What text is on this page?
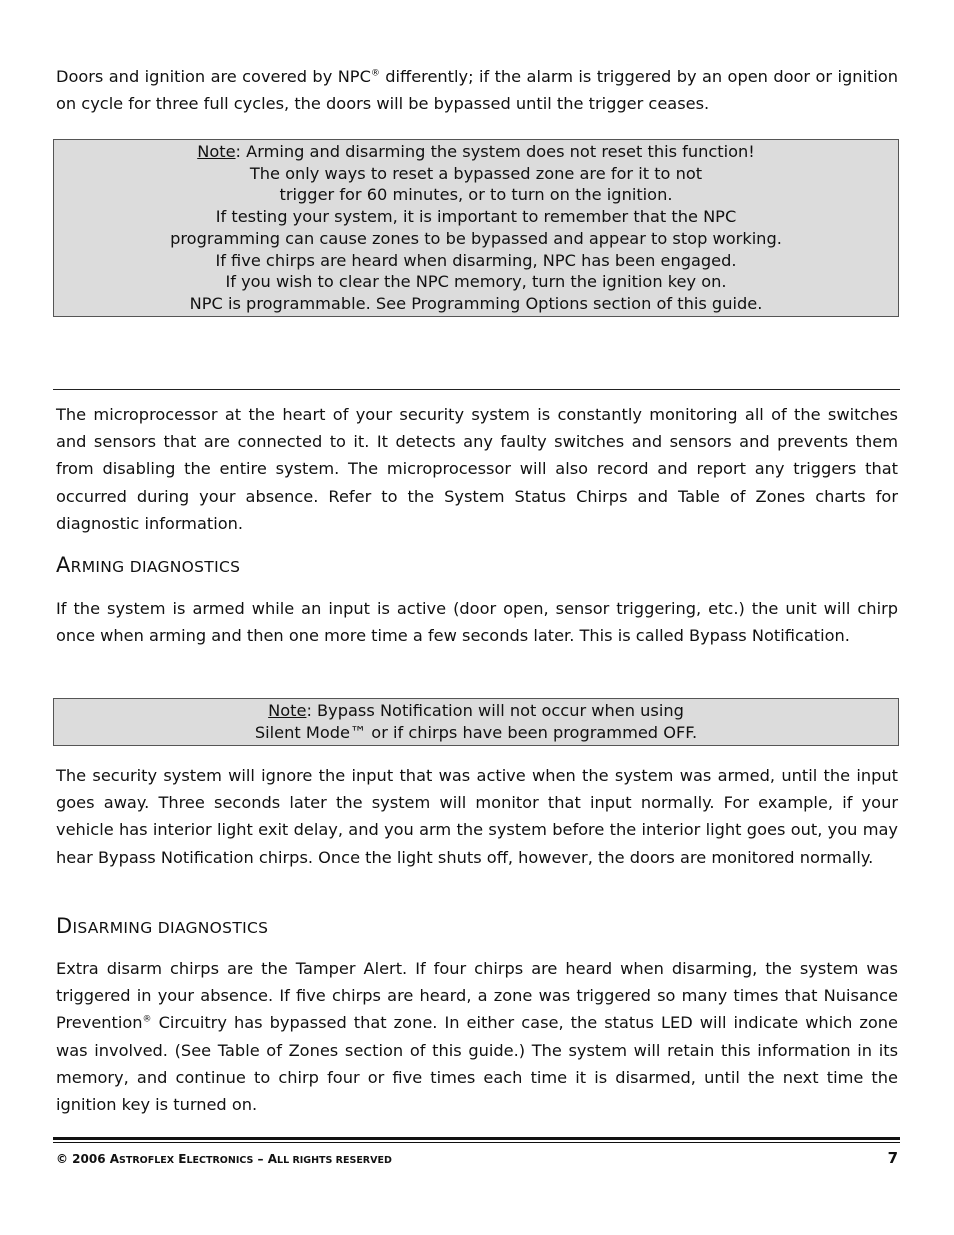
Doors and ignition are covered by NPC® differently; if the alarm is triggered by an open door or ignition on cycle for three full cycles, the doors will be bypassed until the trigger ceases.

Note: Arming and disarming the system does not reset this function!
The only ways to reset a bypassed zone are for it to not
trigger for 60 minutes, or to turn on the ignition.
If testing your system, it is important to remember that the NPC
programming can cause zones to be bypassed and appear to stop working.
If five chirps are heard when disarming, NPC has been engaged.
If you wish to clear the NPC memory, turn the ignition key on.
NPC is programmable. See Programming Options section of this guide.

The microprocessor at the heart of your security system is constantly monitoring all of the switches and sensors that are connected to it. It detects any faulty switches and sensors and prevents them from disabling the entire system. The microprocessor will also record and report any triggers that occurred during your absence. Refer to the System Status Chirps and Table of Zones charts for diagnostic information.

ARMING DIAGNOSTICS

If the system is armed while an input is active (door open, sensor triggering, etc.) the unit will chirp once when arming and then one more time a few seconds later. This is called Bypass Notification.

Note: Bypass Notification will not occur when using
Silent Mode™ or if chirps have been programmed OFF.

The security system will ignore the input that was active when the system was armed, until the input goes away. Three seconds later the system will monitor that input normally. For example, if your vehicle has interior light exit delay, and you arm the system before the interior light goes out, you may hear Bypass Notification chirps. Once the light shuts off, however, the doors are monitored normally.

DISARMING DIAGNOSTICS

Extra disarm chirps are the Tamper Alert. If four chirps are heard when disarming, the system was triggered in your absence. If five chirps are heard, a zone was triggered so many times that Nuisance Prevention® Circuitry has bypassed that zone. In either case, the status LED will indicate which zone was involved. (See Table of Zones section of this guide.) The system will retain this information in its memory, and continue to chirp four or five times each time it is disarmed, until the next time the ignition key is turned on.

© 2006 ASTROFLEX ELECTRONICS – ALL RIGHTS RESERVED	7
